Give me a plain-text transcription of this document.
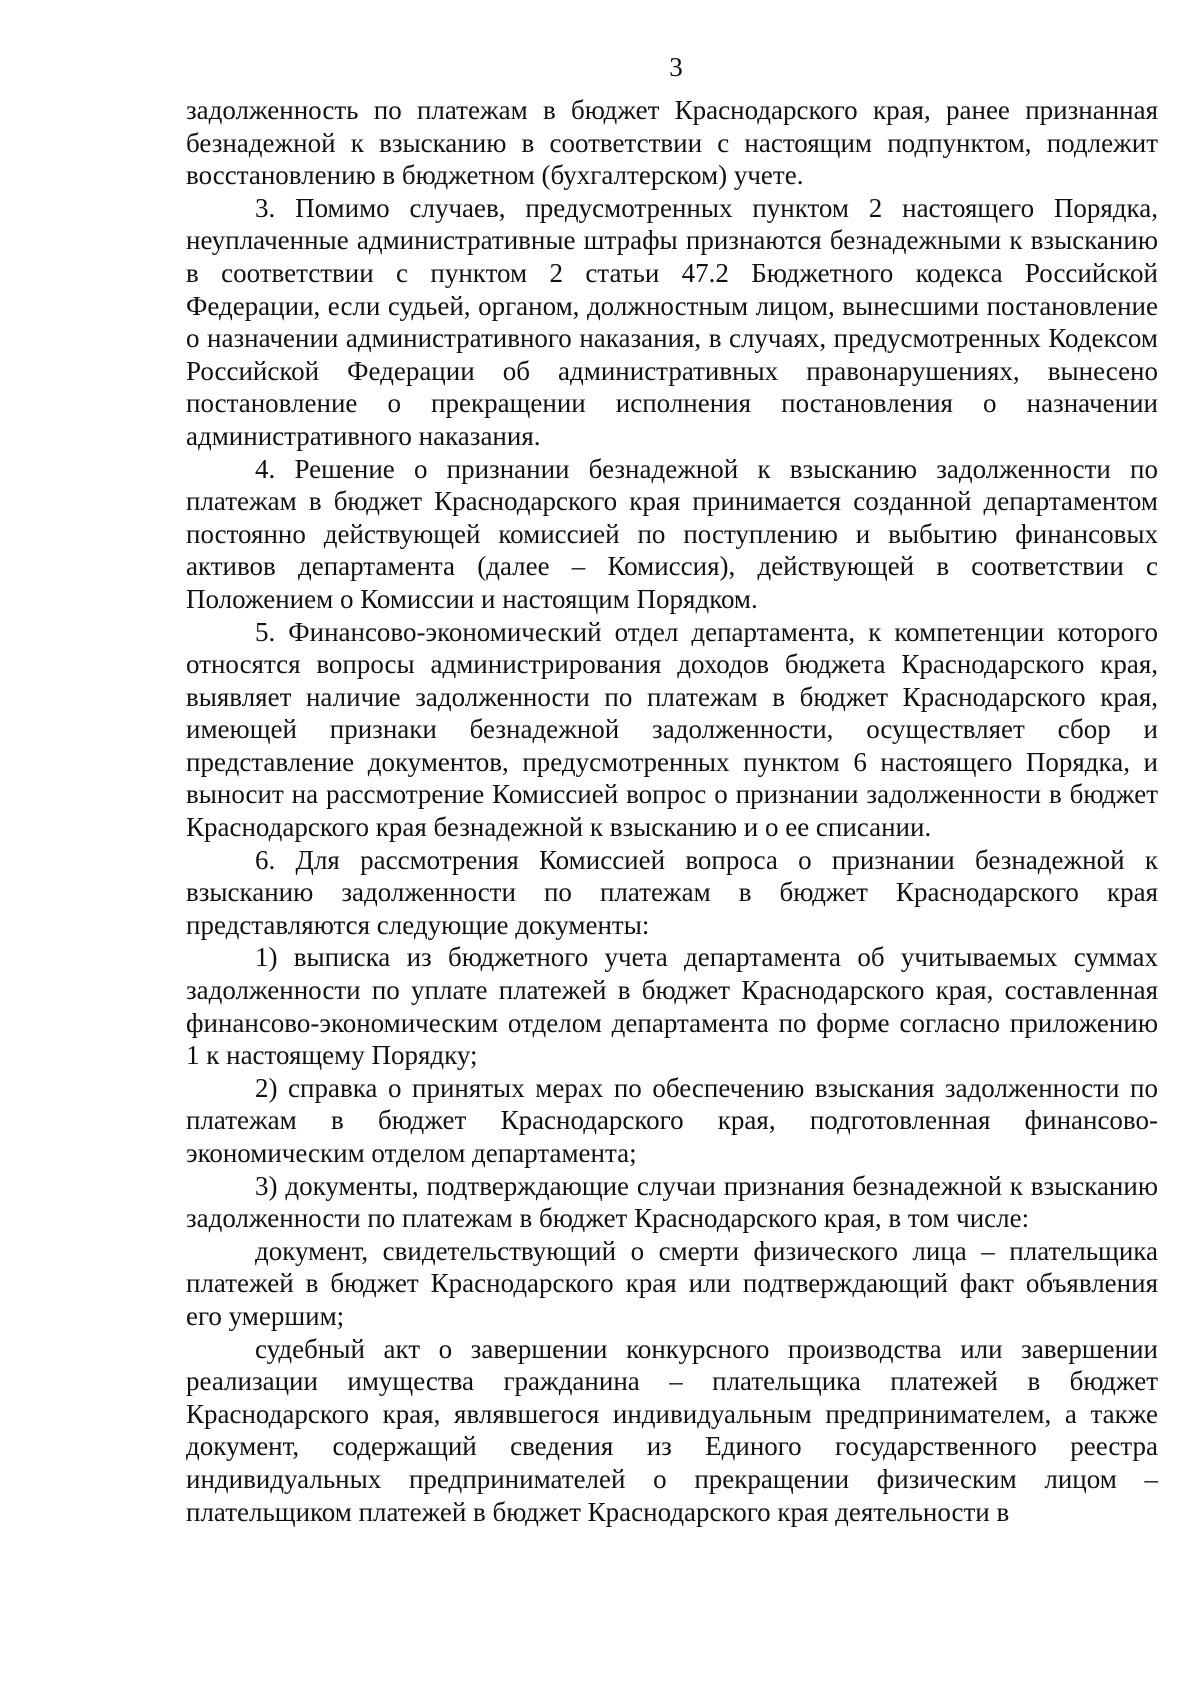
3

задолженность по платежам в бюджет Краснодарского края, ранее признанная безнадежной к взысканию в соответствии с настоящим подпунктом, подлежит восстановлению в бюджетном (бухгалтерском) учете.

3. Помимо случаев, предусмотренных пунктом 2 настоящего Порядка, неуплаченные административные штрафы признаются безнадежными к взысканию в соответствии с пунктом 2 статьи 47.2 Бюджетного кодекса Российской Федерации, если судьей, органом, должностным лицом, вынесшими постановление о назначении административного наказания, в случаях, предусмотренных Кодексом Российской Федерации об административных правонарушениях, вынесено постановление о прекращении исполнения постановления о назначении административного наказания.

4. Решение о признании безнадежной к взысканию задолженности по платежам в бюджет Краснодарского края принимается созданной департаментом постоянно действующей комиссией по поступлению и выбытию финансовых активов департамента (далее – Комиссия), действующей в соответствии с Положением о Комиссии и настоящим Порядком.

5. Финансово-экономический отдел департамента, к компетенции которого относятся вопросы администрирования доходов бюджета Краснодарского края, выявляет наличие задолженности по платежам в бюджет Краснодарского края, имеющей признаки безнадежной задолженности, осуществляет сбор и представление документов, предусмотренных пунктом 6 настоящего Порядка, и выносит на рассмотрение Комиссией вопрос о признании задолженности в бюджет Краснодарского края безнадежной к взысканию и о ее списании.

6. Для рассмотрения Комиссией вопроса о признании безнадежной к взысканию задолженности по платежам в бюджет Краснодарского края представляются следующие документы:

1) выписка из бюджетного учета департамента об учитываемых суммах задолженности по уплате платежей в бюджет Краснодарского края, составленная финансово-экономическим отделом департамента по форме согласно приложению 1 к настоящему Порядку;

2) справка о принятых мерах по обеспечению взыскания задолженности по платежам в бюджет Краснодарского края, подготовленная финансово-экономическим отделом департамента;

3) документы, подтверждающие случаи признания безнадежной к взысканию задолженности по платежам в бюджет Краснодарского края, в том числе:

документ, свидетельствующий о смерти физического лица – плательщика платежей в бюджет Краснодарского края или подтверждающий факт объявления его умершим;

судебный акт о завершении конкурсного производства или завершении реализации имущества гражданина – плательщика платежей в бюджет Краснодарского края, являвшегося индивидуальным предпринимателем, а также документ, содержащий сведения из Единого государственного реестра индивидуальных предпринимателей о прекращении физическим лицом – плательщиком платежей в бюджет Краснодарского края деятельности в
